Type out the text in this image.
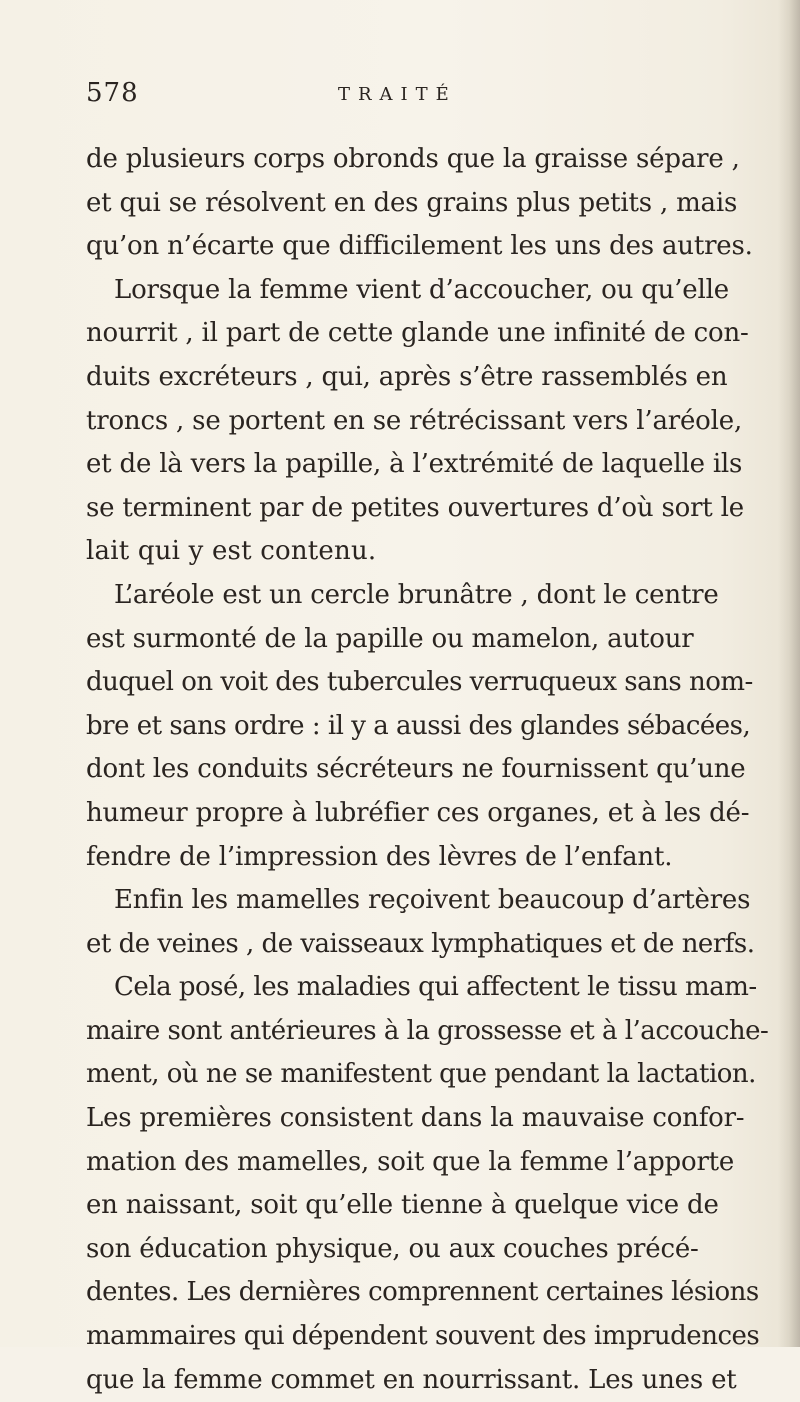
578	TRAITÉ
de plusieurs corps obronds que la graisse sépare ,
et qui se résolvent en des grains plus petits , mais
qu’on n’écarte que difficilement les uns des autres.
Lorsque la femme vient d’accoucher, ou qu’elle
nourrit , il part de cette glande une infinité de con-
duits excréteurs , qui, après s’être rassemblés en
troncs , se portent en se rétrécissant vers l’aréole,
et de là vers la papille, à l’extrémité de laquelle ils
se terminent par de petites ouvertures d’où sort le
lait qui y est contenu.
L’aréole est un cercle brunâtre , dont le centre
est surmonté de la papille ou mamelon, autour
duquel on voit des tubercules verruqueux sans nom-
bre et sans ordre : il y a aussi des glandes sébacées,
dont les conduits sécréteurs ne fournissent qu’une
humeur propre à lubréfier ces organes, et à les dé-
fendre de l’impression des lèvres de l’enfant.
Enfin les mamelles reçoivent beaucoup d’artères
et de veines , de vaisseaux lymphatiques et de nerfs.
Cela posé, les maladies qui affectent le tissu mam-
maire sont antérieures à la grossesse et à l’accouche-
ment, où ne se manifestent que pendant la lactation.
Les premières consistent dans la mauvaise confor-
mation des mamelles, soit que la femme l’apporte
en naissant, soit qu’elle tienne à quelque vice de
son éducation physique, ou aux couches précé-
dentes. Les dernières comprennent certaines lésions
mammaires qui dépendent souvent des imprudences
que la femme commet en nourrissant. Les unes et
